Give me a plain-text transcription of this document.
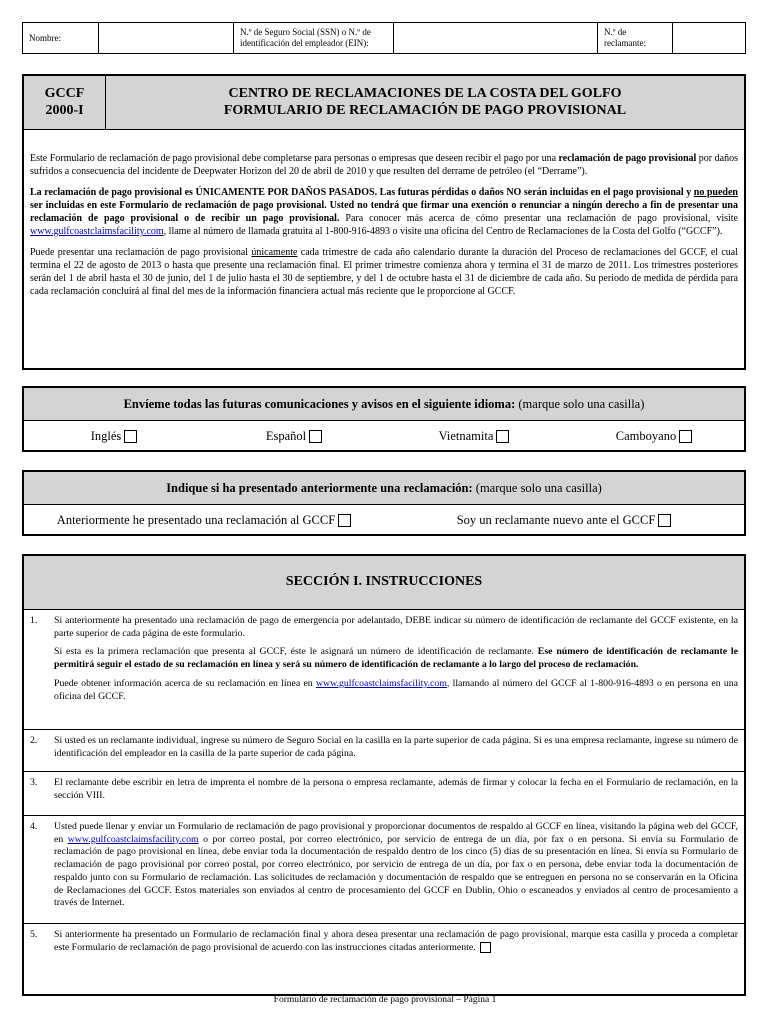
Nombre:
N.º de Seguro Social (SSN) o N.º de identificación del empleador (EIN):
N.º de reclamante:
GCCF
2000-I
CENTRO DE RECLAMACIONES DE LA COSTA DEL GOLFO
FORMULARIO DE RECLAMACIÓN DE PAGO PROVISIONAL

Este Formulario de reclamación de pago provisional debe completarse para personas o empresas que deseen recibir el pago por una reclamación de pago provisional por daños sufridos a consecuencia del incidente de Deepwater Horizon del 20 de abril de 2010 y que resulten del derrame de petróleo (el “Derrame”).

La reclamación de pago provisional es ÚNICAMENTE POR DAÑOS PASADOS. Las futuras pérdidas o daños NO serán incluidas en el pago provisional y no pueden ser incluidas en este Formulario de reclamación de pago provisional. Usted no tendrá que firmar una exención o renunciar a ningún derecho a fin de presentar una reclamación de pago provisional o de recibir un pago provisional. Para conocer más acerca de cómo presentar una reclamación de pago provisional, visite www.gulfcoastclaimsfacility.com, llame al número de llamada gratuita al 1-800-916-4893 o visite una oficina del Centro de Reclamaciones de la Costa del Golfo (“GCCF”).

Puede presentar una reclamación de pago provisional únicamente cada trimestre de cada año calendario durante la duración del Proceso de reclamaciones del GCCF, el cual termina el 22 de agosto de 2013 o hasta que presente una reclamación final. El primer trimestre comienza ahora y termina el 31 de marzo de 2011. Los trimestres posteriores serán del 1 de abril hasta el 30 de junio, del 1 de julio hasta el 30 de septiembre, y del 1 de octubre hasta el 31 de diciembre de cada año. Su periodo de medida de pérdida para cada reclamación concluirá al final del mes de la información financiera actual más reciente que le proporcione al GCCF.

Envíeme todas las futuras comunicaciones y avisos en el siguiente idioma:
(marque solo una casilla)
Inglés	Español	Vietnamita	Camboyano
Indique si ha presentado anteriormente una reclamación:
(marque solo una casilla)
Anteriormente he presentado una reclamación al GCCF	Soy un reclamante nuevo ante el GCCF
SECCIÓN I. INSTRUCCIONES
1.	Si anteriormente ha presentado una reclamación de pago de emergencia por adelantado, DEBE indicar su número de identificación de reclamante del GCCF existente, en la parte superior de cada página de este formulario.

Si esta es la primera reclamación que presenta al GCCF, éste le asignará un número de identificación de reclamante. Ese número de identificación de reclamante le permitirá seguir el estado de su reclamación en línea y será su número de identificación de reclamante a lo largo del proceso de reclamación.

Puede obtener información acerca de su reclamación en línea en www.gulfcoastclaimsfacility.com, llamando al número del GCCF al 1-800-916-4893 o en persona en una oficina del GCCF.

2.	Si usted es un reclamante individual, ingrese su número de Seguro Social en la casilla en la parte superior de cada página. Si es una empresa reclamante, ingrese su número de identificación del empleador en la casilla de la parte superior de cada página.
3.	El reclamante debe escribir en letra de imprenta el nombre de la persona o empresa reclamante, además de firmar y colocar la fecha en el Formulario de reclamación, en la sección VIII.
4.	Usted puede llenar y enviar un Formulario de reclamación de pago provisional y proporcionar documentos de respaldo al GCCF en línea, visitando la página web del GCCF, en www.gulfcoastclaimsfacility.com o por correo postal, por correo electrónico, por servicio de entrega de un día, por fax o en persona. Si envía su Formulario de reclamación de pago provisional en línea, debe enviar toda la documentación de respaldo dentro de los cinco (5) días de su presentación en línea. Si envía su Formulario de reclamación de pago provisional por correo postal, por correo electrónico, por servicio de entrega de un día, por fax o en persona, debe enviar toda la documentación de respaldo junto con su Formulario de reclamación. Las solicitudes de reclamación y documentación de respaldo que se entreguen en persona no se conservarán en la Oficina de Reclamaciones del GCCF. Estos materiales son enviados al centro de procesamiento del GCCF en Dublin, Ohio o escaneados y enviados al centro de procesamiento a través de Internet.
5.	Si anteriormente ha presentado un Formulario de reclamación final y ahora desea presentar una reclamación de pago provisional, marque esta casilla y proceda a completar este Formulario de reclamación de pago provisional de acuerdo con las instrucciones citadas anteriormente.
Formulario de reclamación de pago provisional – Página 1
